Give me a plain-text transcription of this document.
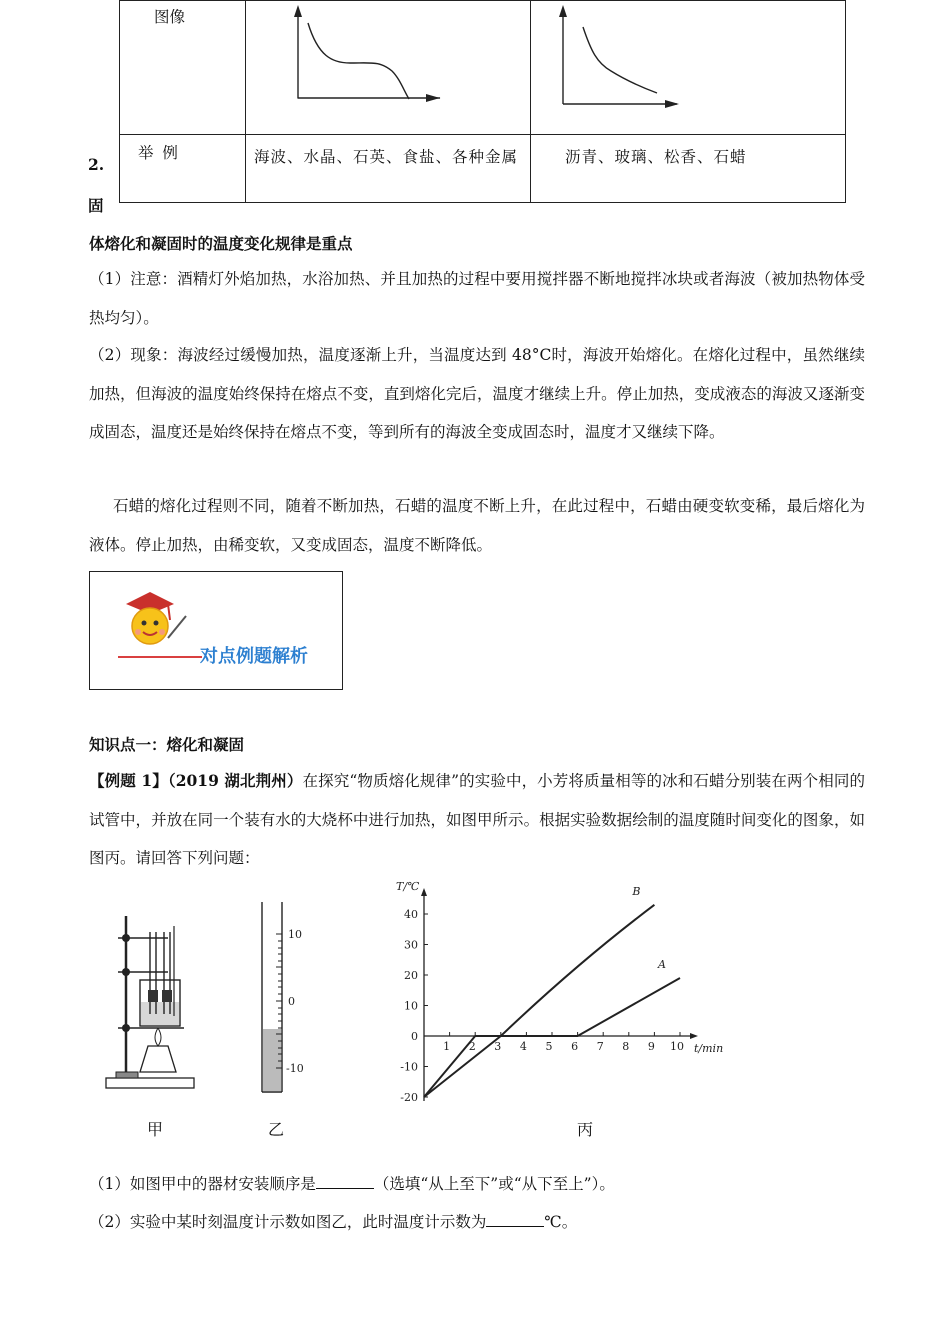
图像

举 例	海波、水晶、石英、食盐、各种金属	沥青、玻璃、松香、石蜡
2.
固
体熔化和凝固时的温度变化规律是重点
（1）注意：酒精灯外焰加热，水浴加热、并且加热的过程中要用搅拌器不断地搅拌冰块或者海波（被加热物体受热均匀）。
（2）现象：海波经过缓慢加热，温度逐渐上升，当温度达到 48°C时，海波开始熔化。在熔化过程中，虽然继续加热，但海波的温度始终保持在熔点不变，直到熔化完后，温度才继续上升。停止加热，变成液态的海波又逐渐变成固态，温度还是始终保持在熔点不变，等到所有的海波全变成固态时，温度才又继续下降。
石蜡的熔化过程则不同，随着不断加热，石蜡的温度不断上升，在此过程中，石蜡由硬变软变稀，最后熔化为液体。停止加热，由稀变软，又变成固态，温度不断降低。
对点例题解析
知识点一：熔化和凝固
【例题 1】（2019 湖北荆州）在探究“物质熔化规律”的实验中，小芳将质量相等的冰和石蜡分别装在两个相同的试管中，并放在同一个装有水的大烧杯中进行加热，如图甲所示。根据实验数据绘制的温度随时间变化的图象，如图丙。请回答下列问题：
10
0
-10
40
30
20
10
0
-10
-20
1 2 3 4 5 6 7 8 9 10
A
B
T/℃
t/min
甲	乙	丙
（1）如图甲中的器材安装顺序是	（选填“从上至下”或“从下至上”）。
（2）实验中某时刻温度计示数如图乙，此时温度计示数为	℃。
